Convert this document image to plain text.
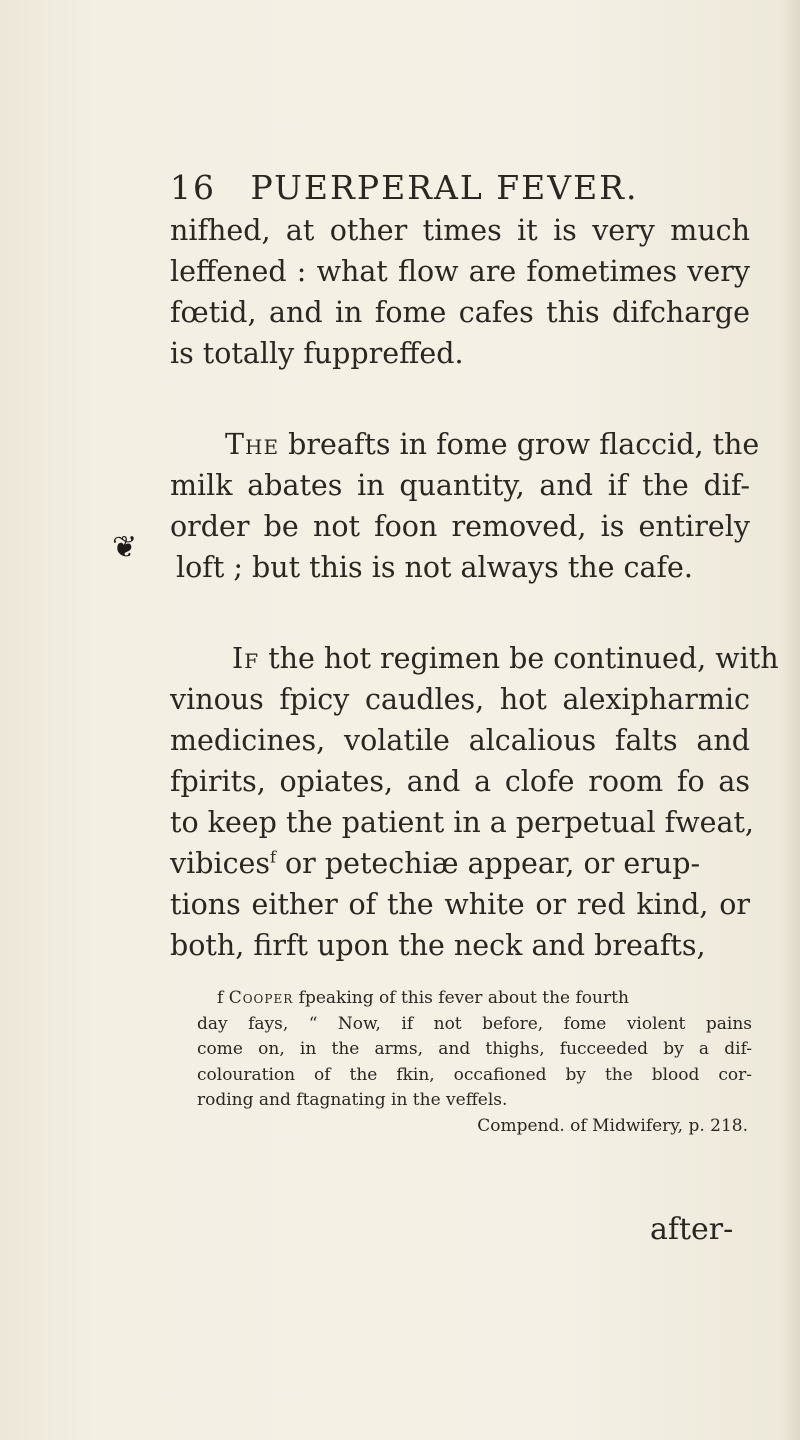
16 PUERPERAL FEVER.
❦
nifhed, at other times it is very much
leffened : what flow are fometimes very
fœtid, and in fome cafes this difcharge
is totally fuppreffed.
The breafts in fome grow flaccid, the
milk abates in quantity, and if the dif-
order be not foon removed, is entirely
loft ; but this is not always the cafe.
If the hot regimen be continued, with
vinous fpicy caudles, hot alexipharmic
medicines, volatile alcalious falts and
fpirits, opiates, and a clofe room fo as
to keep the patient in a perpetual fweat,
vibices$^f$ or petechiæ appear, or erup-
tions either of the white or red kind, or
both, firft upon the neck and breafts,
f Cooper fpeaking of this fever about the fourth
day fays, “ Now, if not before, fome violent pains
come on, in the arms, and thighs, fucceeded by a dif-
colouration of the fkin, occafioned by the blood cor-
roding and ftagnating in the veffels.
Compend. of Midwifery, p. 218.
after-
